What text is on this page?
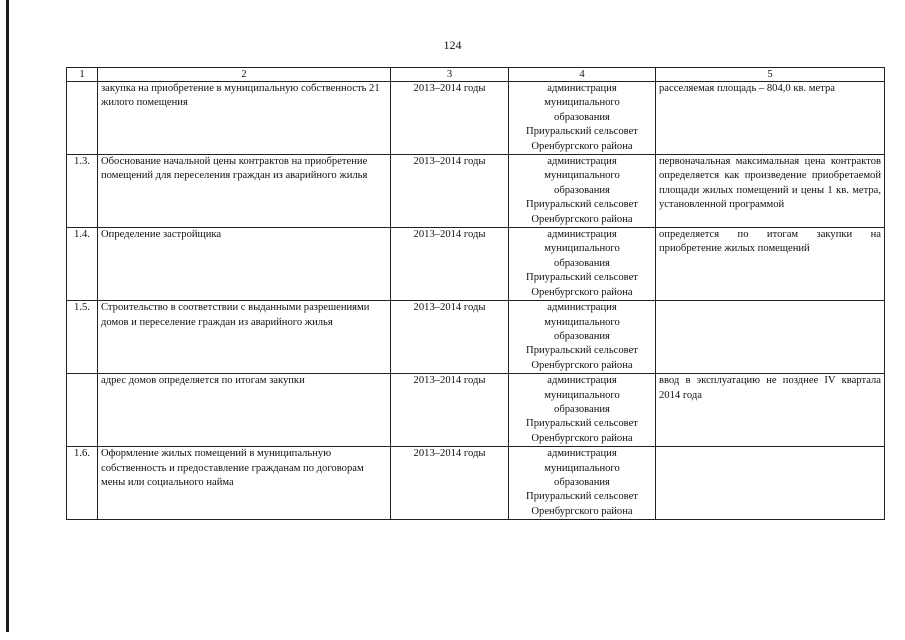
124
1	2	3	4	5
	закупка на приобретение в муниципальную собственность 21 жилого помещения	2013–2014 годы	администрация
муниципального
образования
Приуральский сельсовет
Оренбургского района	расселяемая площадь – 804,0 кв. метра
1.3.	Обоснование начальной цены контрактов на приобретение помещений для переселения граждан из аварийного жилья	2013–2014 годы	администрация
муниципального
образования
Приуральский сельсовет
Оренбургского района	первоначальная максимальная цена контрактов определяется как произведение приобретаемой площади жилых помещений и цены 1 кв. метра, установленной программой
1.4.	Определение застройщика	2013–2014 годы	администрация
муниципального
образования
Приуральский сельсовет
Оренбургского района	определяется по итогам закупки на приобретение жилых помещений
1.5.	Строительство в соответствии с выданными разрешениями домов и переселение граждан из аварийного жилья	2013–2014 годы	администрация
муниципального
образования
Приуральский сельсовет
Оренбургского района	

	адрес домов определяется по итогам закупки	2013–2014 годы	администрация
муниципального
образования
Приуральский сельсовет
Оренбургского района	ввод в эксплуатацию не позднее IV квартала 2014 года
1.6.	Оформление жилых помещений в муниципальную собственность и предоставление гражданам по договорам мены или социального найма	2013–2014 годы	администрация
муниципального
образования
Приуральский сельсовет
Оренбургского района	
